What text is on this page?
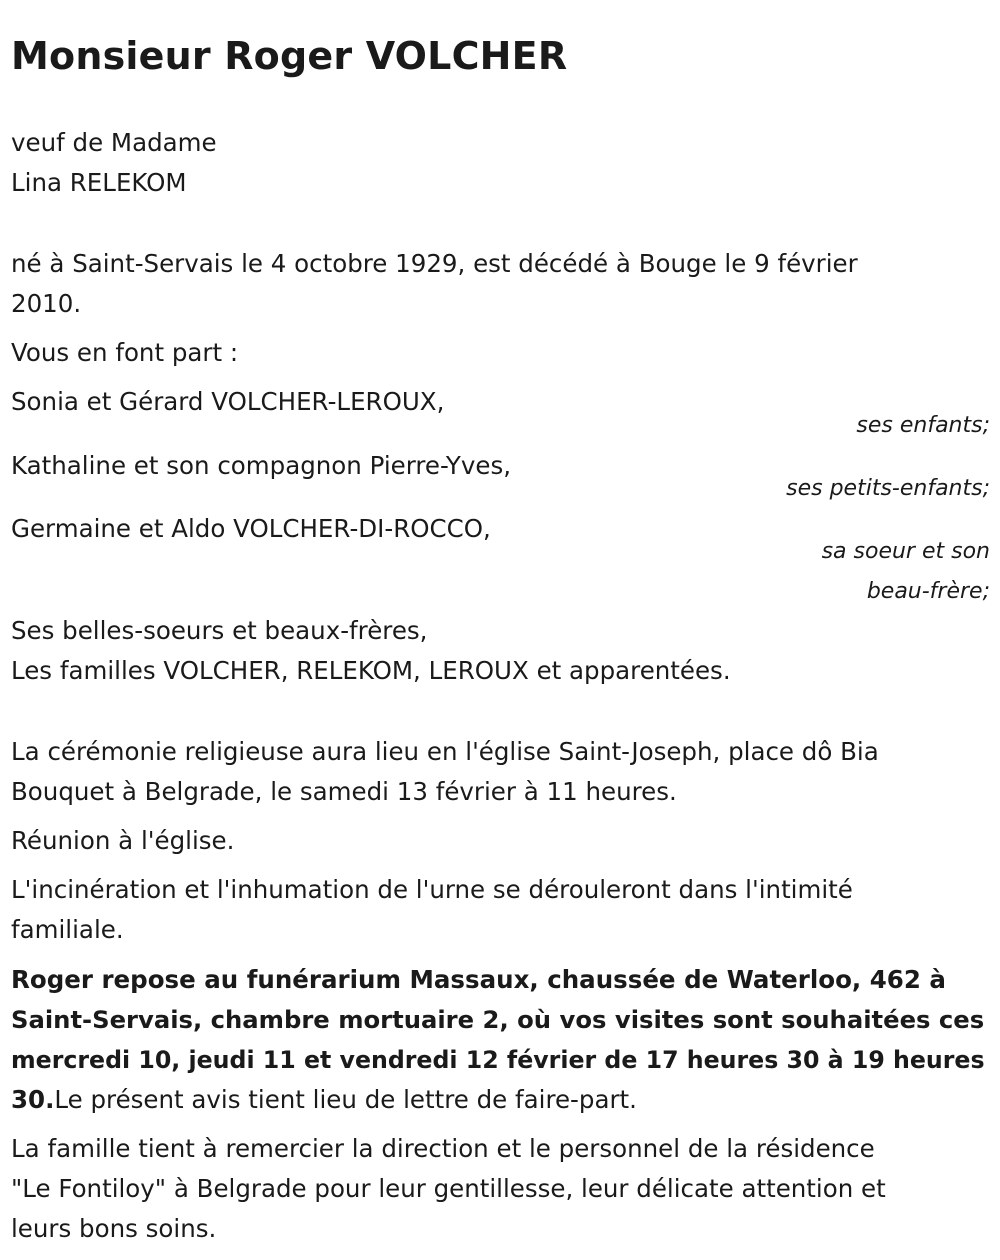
Monsieur Roger VOLCHER
veuf de Madame
Lina RELEKOM
né à Saint-Servais le 4 octobre 1929, est décédé à Bouge le 9 février
2010.
Vous en font part :
Sonia et Gérard VOLCHER-LEROUX,
ses enfants;
Kathaline et son compagnon Pierre-Yves,
ses petits-enfants;
Germaine et Aldo VOLCHER-DI-ROCCO,
sa soeur et son
beau-frère;
Ses belles-soeurs et beaux-frères,
Les familles VOLCHER, RELEKOM, LEROUX et apparentées.
La cérémonie religieuse aura lieu en l'église Saint-Joseph, place dô Bia
Bouquet à Belgrade, le samedi 13 février à 11 heures.
Réunion à l'église.
L'incinération et l'inhumation de l'urne se dérouleront dans l'intimité
familiale.
Roger repose au funérarium Massaux, chaussée de Waterloo, 462 à
Saint-Servais, chambre mortuaire 2, où vos visites sont souhaitées ces
mercredi 10, jeudi 11 et vendredi 12 février de 17 heures 30 à 19 heures
30.Le présent avis tient lieu de lettre de faire-part.
La famille tient à remercier la direction et le personnel de la résidence
"Le Fontiloy" à Belgrade pour leur gentillesse, leur délicate attention et
leurs bons soins.
